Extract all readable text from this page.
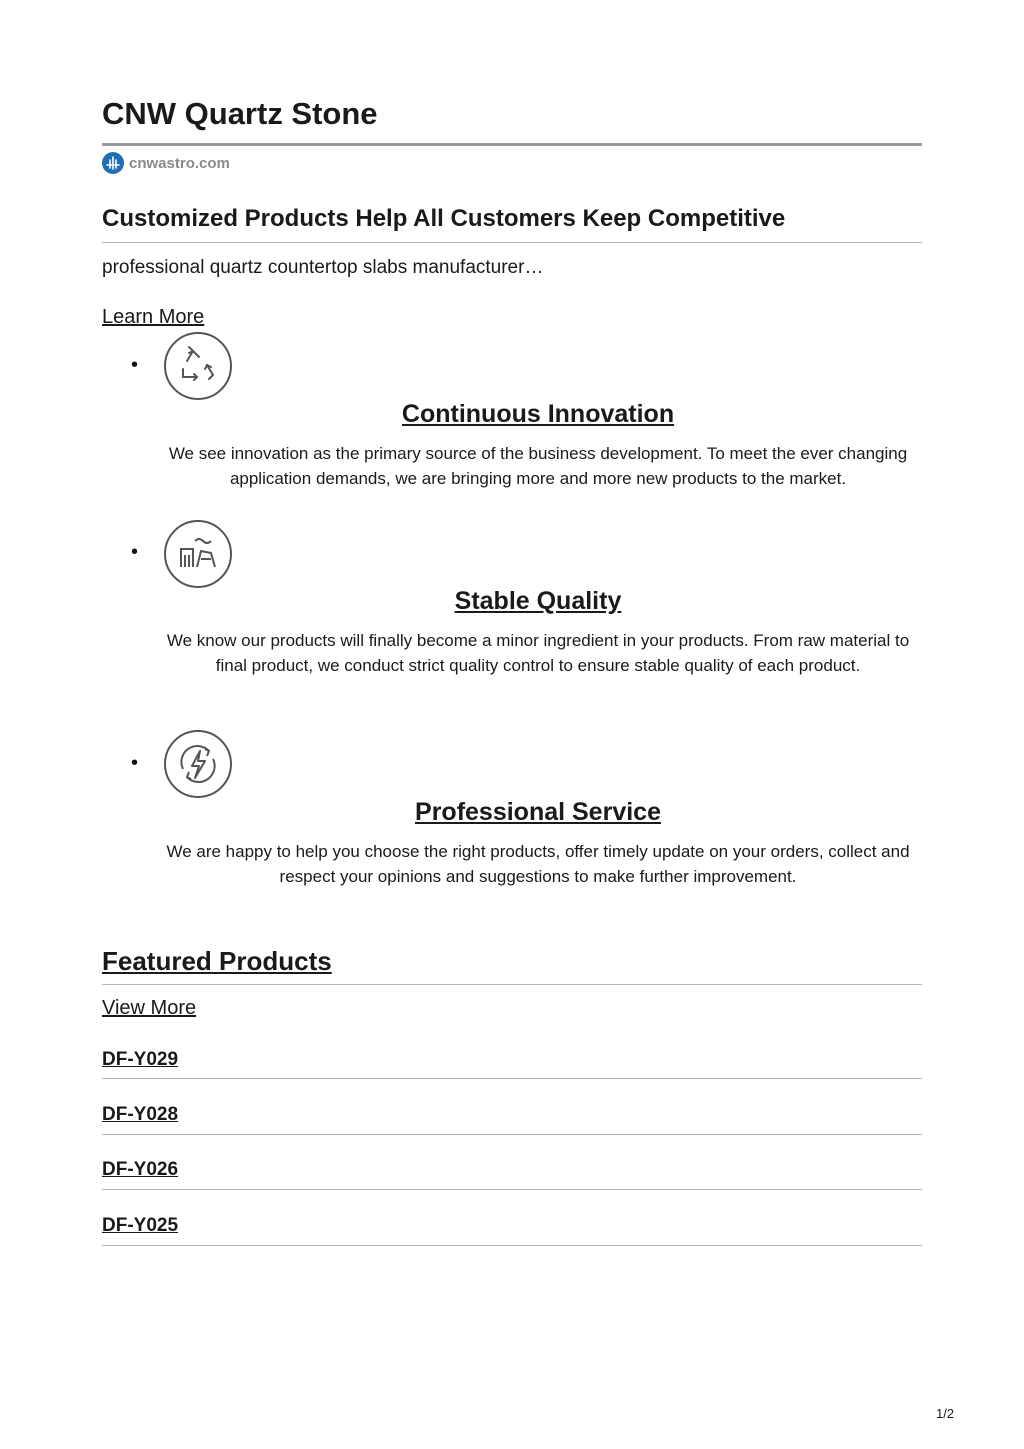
CNW Quartz Stone
cnwastro.com
Customized Products Help All Customers Keep Competitive
professional quartz countertop slabs manufacturer…
Learn More
•
Continuous Innovation
We see innovation as the primary source of the business development. To meet the ever changing application demands, we are bringing more and more new products to the market.
•
Stable Quality
We know our products will finally become a minor ingredient in your products. From raw material to final product, we conduct strict quality control to ensure stable quality of each product.
•
Professional Service
We are happy to help you choose the right products, offer timely update on your orders, collect and respect your opinions and suggestions to make further improvement.
Featured Products
View More
DF-Y029
DF-Y028
DF-Y026
DF-Y025
1/2
